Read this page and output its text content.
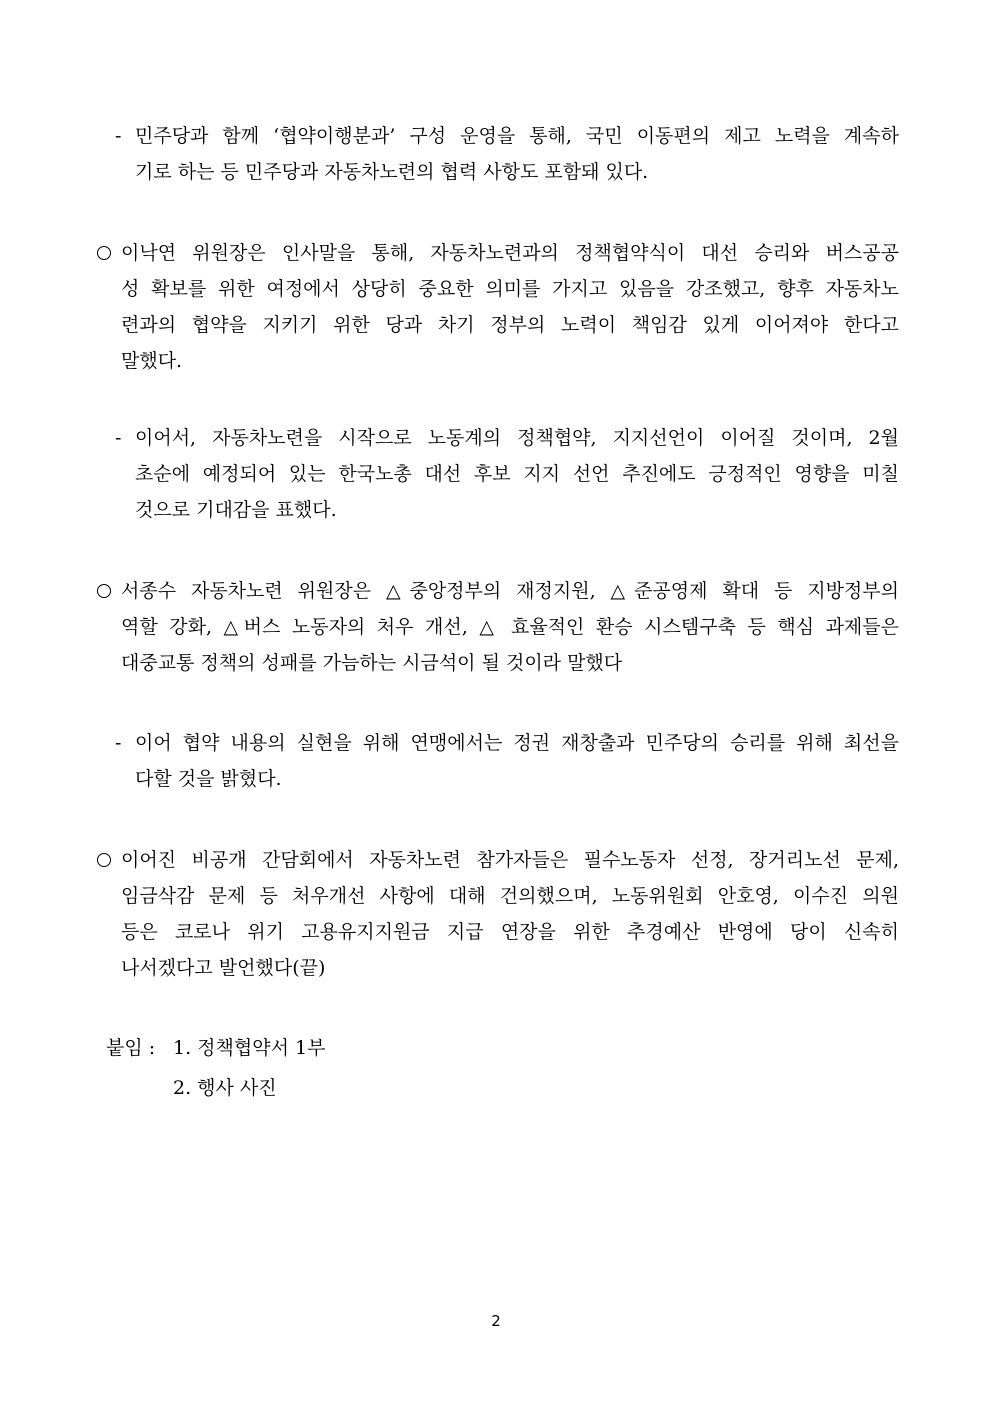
- 민주당과 함께 ‘협약이행분과’ 구성 운영을 통해, 국민 이동편의 제고 노력을 계속하
기로 하는 등 민주당과 자동차노련의 협력 사항도 포함돼 있다.
이낙연 위원장은 인사말을 통해, 자동차노련과의 정책협약식이 대선 승리와 버스공공
성 확보를 위한 여정에서 상당히 중요한 의미를 가지고 있음을 강조했고, 향후 자동차노
련과의 협약을 지키기 위한 당과 차기 정부의 노력이 책임감 있게 이어져야 한다고
말했다.
- 이어서, 자동차노련을 시작으로 노동계의 정책협약, 지지선언이 이어질 것이며, 2월
초순에 예정되어 있는 한국노총 대선 후보 지지 선언 추진에도 긍정적인 영향을 미칠
것으로 기대감을 표했다.
서종수 자동차노련 위원장은 △중앙정부의 재정지원, △준공영제 확대 등 지방정부의
역할 강화, △버스 노동자의 처우 개선, △ 효율적인 환승 시스템구축 등 핵심 과제들은
대중교통 정책의 성패를 가늠하는 시금석이 될 것이라 말했다
- 이어 협약 내용의 실현을 위해 연맹에서는 정권 재창출과 민주당의 승리를 위해 최선을
다할 것을 밝혔다.
이어진 비공개 간담회에서 자동차노련 참가자들은 필수노동자 선정, 장거리노선 문제,
임금삭감 문제 등 처우개선 사항에 대해 건의했으며, 노동위원회 안호영, 이수진 의원
등은 코로나 위기 고용유지지원금 지급 연장을 위한 추경예산 반영에 당이 신속히
나서겠다고 발언했다(끝)
붙임 : 1. 정책협약서 1부
2. 행사 사진
2
